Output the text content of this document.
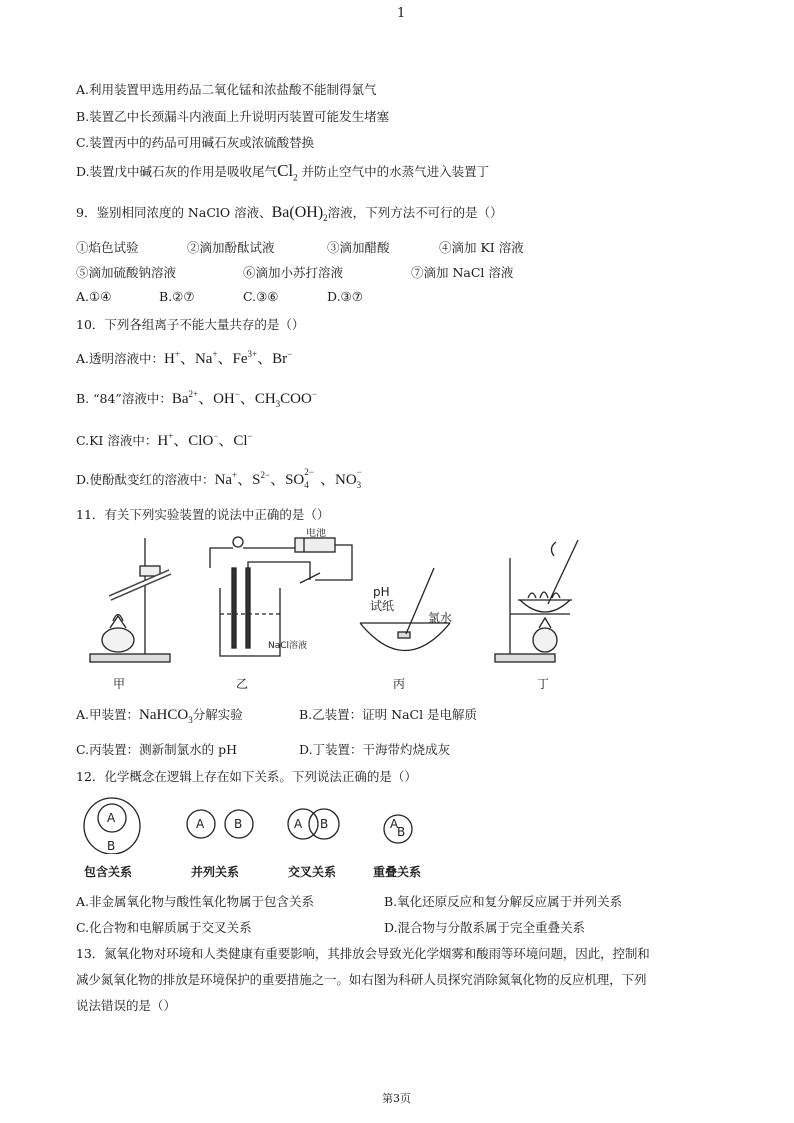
1
A.利用装置甲选用药品二氧化锰和浓盐酸不能制得氯气
B.装置乙中长颈漏斗内液面上升说明丙装置可能发生堵塞
C.装置丙中的药品可用碱石灰或浓硫酸替换
D.装置戊中碱石灰的作用是吸收尾气$Cl_2$ 并防止空气中的水蒸气进入装置丁
9．鉴别相同浓度的 NaClO 溶液、$Ba(OH)_2$溶液，下列方法不可行的是（）
①焰色试验	②滴加酚酞试液	③滴加醋酸	④滴加 KI 溶液
⑤滴加硫酸钠溶液	⑥滴加小苏打溶液	⑦滴加 NaCl 溶液
A.①④	B.②⑦	C.③⑥	D.③⑦
10．下列各组离子不能大量共存的是（）
A.透明溶液中：H+、Na+、$Fe^{3+}$、Br−
B. “84”溶液中：$Ba^{2+}$、OH−、$CH_3COO^-$
C.KI 溶液中：H+、ClO−、Cl−
D.使酚酞变红的溶液中：Na+、$S^{2-}$、SO $_{2- 4}$   、NO $_{- 3}$
11．有关下列实验装置的说法中正确的是（）
电池
NaCl溶液
pH
试纸
氯水
甲	乙	丙	丁
A.甲装置：NaHCO$_3$分解实验	B.乙装置：证明 NaCl 是电解质
C.丙装置：测新制氯水的 pH	D.丁装置：干海带灼烧成灰
12．化学概念在逻辑上存在如下关系。下列说法正确的是（）
A
B
A B	A B	A
B
包含关系	并列关系	交叉关系	重叠关系
A.非金属氧化物与酸性氧化物属于包含关系	B.氧化还原反应和复分解反应属于并列关系
C.化合物和电解质属于交叉关系	D.混合物与分散系属于完全重叠关系
13．氮氧化物对环境和人类健康有重要影响，其排放会导致光化学烟雾和酸雨等环境问题，因此，控制和
减少氮氧化物的排放是环境保护的重要措施之一。如右图为科研人员探究消除氮氧化物的反应机理，下列
说法错误的是（）
第3页
